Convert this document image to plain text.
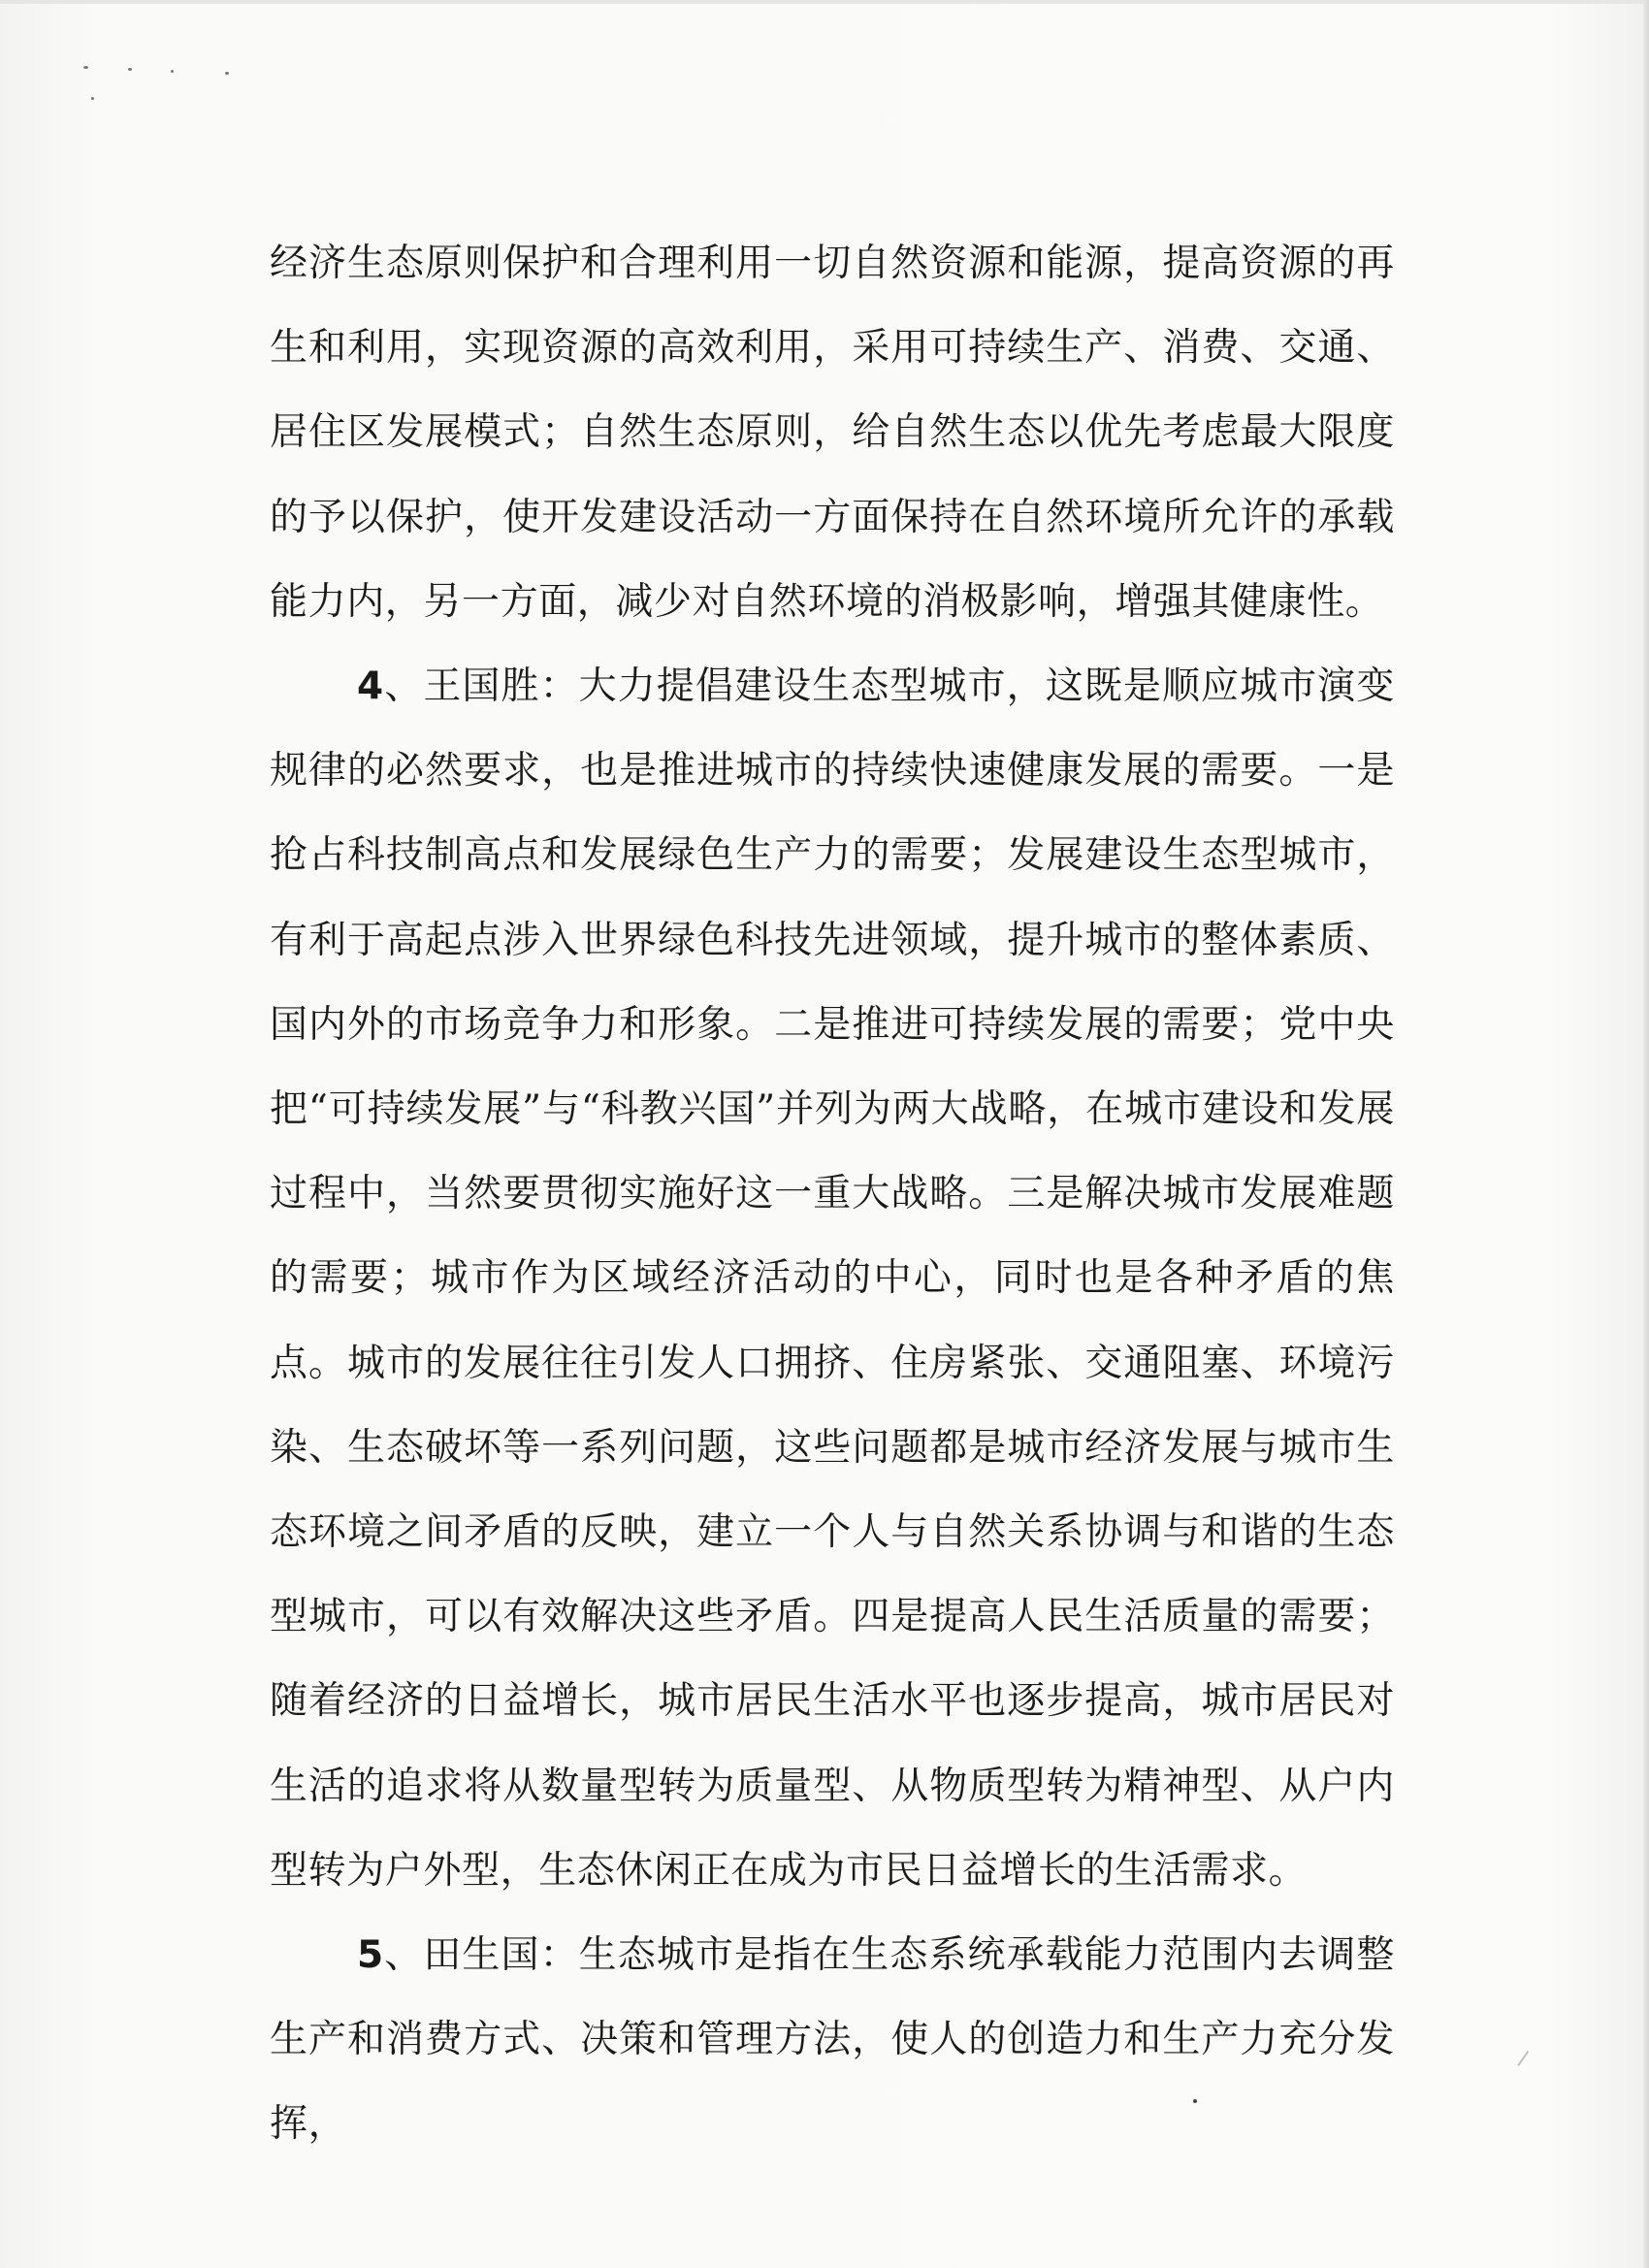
经济生态原则保护和合理利用一切自然资源和能源，提高资源的再生和利用，实现资源的高效利用，采用可持续生产、消费、交通、居住区发展模式；自然生态原则，给自然生态以优先考虑最大限度的予以保护，使开发建设活动一方面保持在自然环境所允许的承载能力内，另一方面，减少对自然环境的消极影响，增强其健康性。

4、王国胜：大力提倡建设生态型城市，这既是顺应城市演变规律的必然要求，也是推进城市的持续快速健康发展的需要。一是抢占科技制高点和发展绿色生产力的需要；发展建设生态型城市，有利于高起点涉入世界绿色科技先进领域，提升城市的整体素质、国内外的市场竞争力和形象。二是推进可持续发展的需要；党中央把“可持续发展”与“科教兴国”并列为两大战略，在城市建设和发展过程中，当然要贯彻实施好这一重大战略。三是解决城市发展难题的需要；城市作为区域经济活动的中心，同时也是各种矛盾的焦点。城市的发展往往引发人口拥挤、住房紧张、交通阻塞、环境污染、生态破坏等一系列问题，这些问题都是城市经济发展与城市生态环境之间矛盾的反映，建立一个人与自然关系协调与和谐的生态型城市，可以有效解决这些矛盾。四是提高人民生活质量的需要；随着经济的日益增长，城市居民生活水平也逐步提高，城市居民对生活的追求将从数量型转为质量型、从物质型转为精神型、从户内型转为户外型，生态休闲正在成为市民日益增长的生活需求。

5、田生国：生态城市是指在生态系统承载能力范围内去调整生产和消费方式、决策和管理方法，使人的创造力和生产力充分发挥，
